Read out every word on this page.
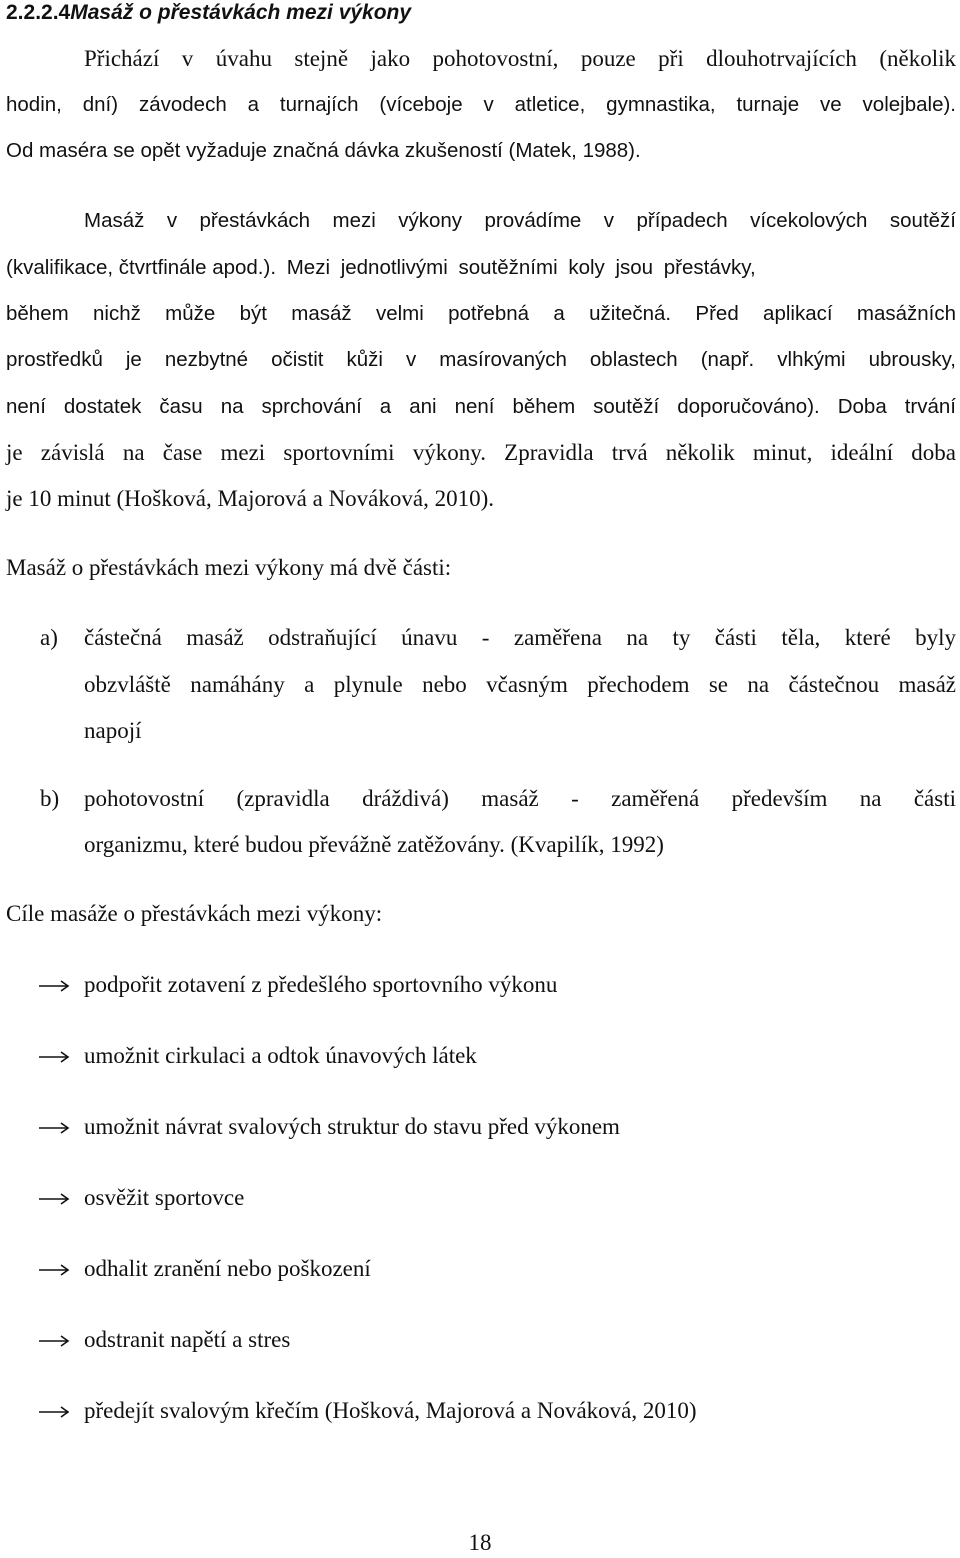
2.2.2.4Masáž o přestávkách mezi výkony
Přichází v úvahu stejně jako pohotovostní, pouze při dlouhotrvajících (několik
hodin, dní) závodech a turnajích (víceboje v atletice, gymnastika, turnaje ve volejbale).
Od maséra se opět vyžaduje značná dávka zkušeností (Matek, 1988).
Masáž v přestávkách mezi výkony provádíme v případech vícekolových soutěží
(kvalifikace, čtvrtfinále apod.). Mezi jednotlivými soutěžními koly jsou přestávky,
během nichž může být masáž velmi potřebná a užitečná. Před aplikací masážních
prostředků je nezbytné očistit kůži v masírovaných oblastech (např. vlhkými ubrousky,
není dostatek času na sprchování a ani není během soutěží doporučováno). Doba trvání
je závislá na čase mezi sportovními výkony. Zpravidla trvá několik minut, ideální doba
je 10 minut (Hošková, Majorová a Nováková, 2010).
Masáž o přestávkách mezi výkony má dvě části:
a) částečná masáž odstraňující únavu - zaměřena na ty části těla, které byly
obzvláště namáhány a plynule nebo včasným přechodem se na částečnou masáž
napojí
b) pohotovostní (zpravidla dráždivá) masáž - zaměřená především na části
organizmu, které budou převážně zatěžovány. (Kvapilík, 1992)
Cíle masáže o přestávkách mezi výkony:
podpořit zotavení z předešlého sportovního výkonu
umožnit cirkulaci a odtok únavových látek
umožnit návrat svalových struktur do stavu před výkonem
osvěžit sportovce
odhalit zranění nebo poškození
odstranit napětí a stres
předejít svalovým křečím (Hošková, Majorová a Nováková, 2010)
18
